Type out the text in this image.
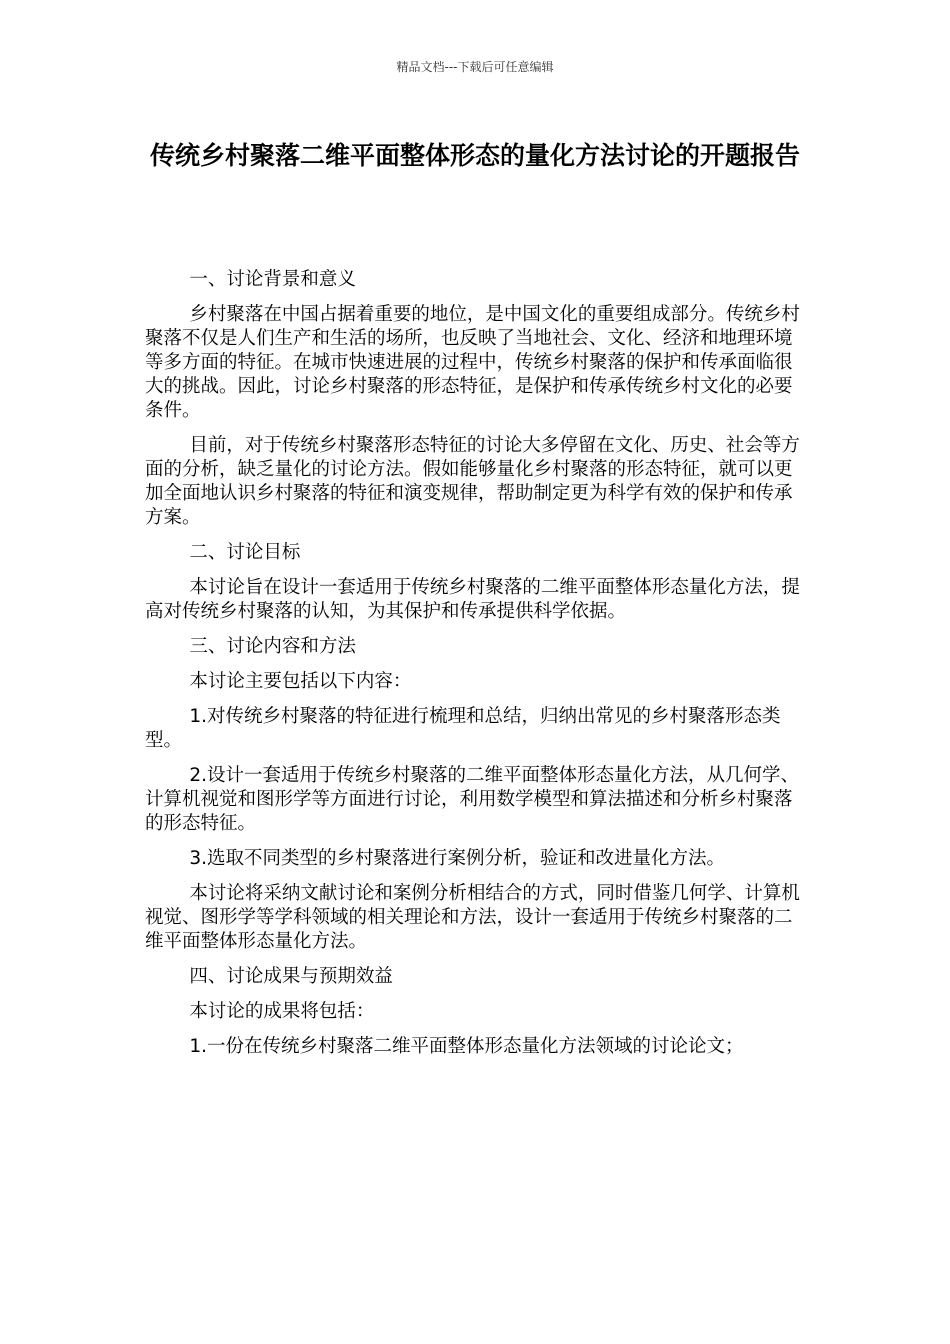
精品文档---下载后可任意编辑
传统乡村聚落二维平面整体形态的量化方法讨论的开题报告

一、讨论背景和意义

乡村聚落在中国占据着重要的地位，是中国文化的重要组成部分。传统乡村聚落不仅是人们生产和生活的场所，也反映了当地社会、文化、经济和地理环境等多方面的特征。在城市快速进展的过程中，传统乡村聚落的保护和传承面临很大的挑战。因此，讨论乡村聚落的形态特征，是保护和传承传统乡村文化的必要条件。

目前，对于传统乡村聚落形态特征的讨论大多停留在文化、历史、社会等方面的分析，缺乏量化的讨论方法。假如能够量化乡村聚落的形态特征，就可以更加全面地认识乡村聚落的特征和演变规律，帮助制定更为科学有效的保护和传承方案。

二、讨论目标

本讨论旨在设计一套适用于传统乡村聚落的二维平面整体形态量化方法，提高对传统乡村聚落的认知，为其保护和传承提供科学依据。

三、讨论内容和方法

本讨论主要包括以下内容：

1.对传统乡村聚落的特征进行梳理和总结，归纳出常见的乡村聚落形态类型。

2.设计一套适用于传统乡村聚落的二维平面整体形态量化方法，从几何学、计算机视觉和图形学等方面进行讨论，利用数学模型和算法描述和分析乡村聚落的形态特征。

3.选取不同类型的乡村聚落进行案例分析，验证和改进量化方法。

本讨论将采纳文献讨论和案例分析相结合的方式，同时借鉴几何学、计算机视觉、图形学等学科领域的相关理论和方法，设计一套适用于传统乡村聚落的二维平面整体形态量化方法。

四、讨论成果与预期效益

本讨论的成果将包括：

1.一份在传统乡村聚落二维平面整体形态量化方法领域的讨论论文；
